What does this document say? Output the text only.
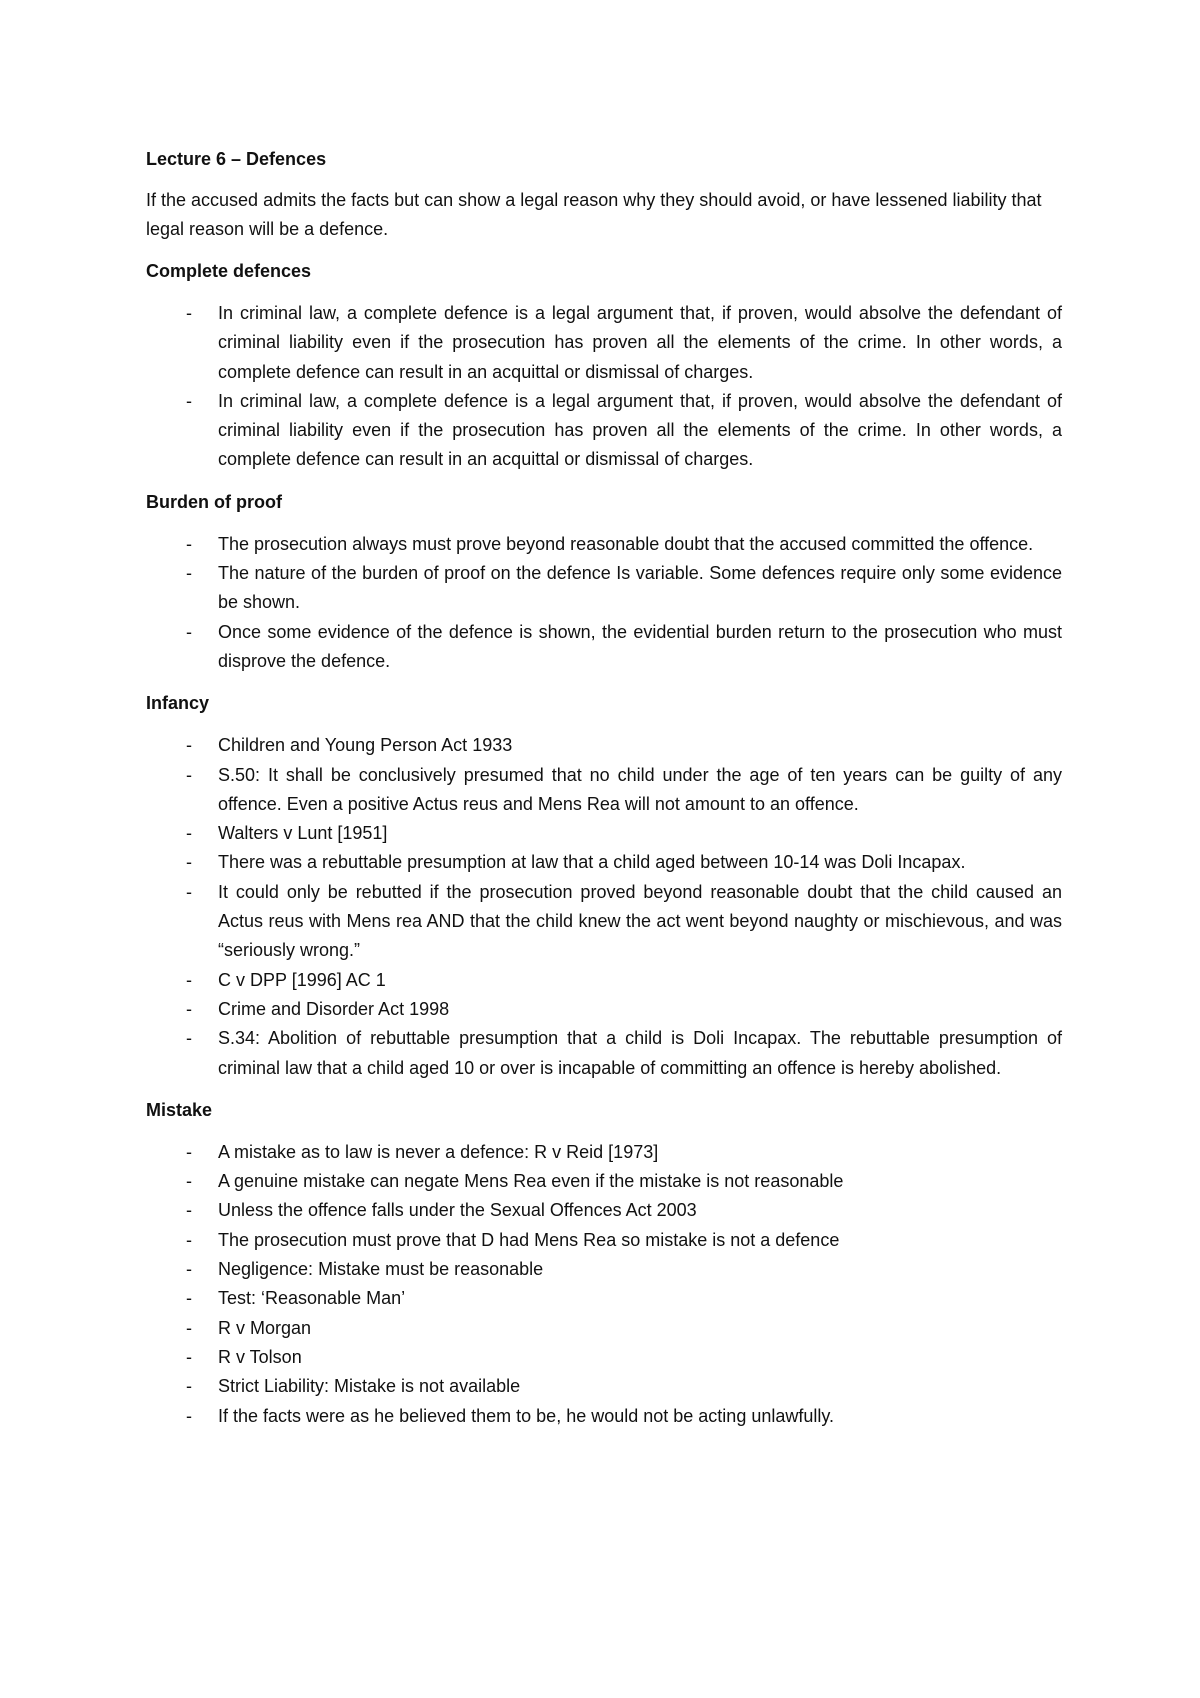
Lecture 6 – Defences

If the accused admits the facts but can show a legal reason why they should avoid, or have lessened liability that legal reason will be a defence.

Complete defences
- In criminal law, a complete defence is a legal argument that, if proven, would absolve the defendant of criminal liability even if the prosecution has proven all the elements of the crime. In other words, a complete defence can result in an acquittal or dismissal of charges.
- In criminal law, a complete defence is a legal argument that, if proven, would absolve the defendant of criminal liability even if the prosecution has proven all the elements of the crime. In other words, a complete defence can result in an acquittal or dismissal of charges.
Burden of proof
- The prosecution always must prove beyond reasonable doubt that the accused committed the offence.
- The nature of the burden of proof on the defence Is variable. Some defences require only some evidence be shown.
- Once some evidence of the defence is shown, the evidential burden return to the prosecution who must disprove the defence.
Infancy
- Children and Young Person Act 1933
- S.50: It shall be conclusively presumed that no child under the age of ten years can be guilty of any offence. Even a positive Actus reus and Mens Rea will not amount to an offence.
- Walters v Lunt [1951]
- There was a rebuttable presumption at law that a child aged between 10-14 was Doli Incapax.
- It could only be rebutted if the prosecution proved beyond reasonable doubt that the child caused an Actus reus with Mens rea AND that the child knew the act went beyond naughty or mischievous, and was “seriously wrong.”
- C v DPP [1996] AC 1
- Crime and Disorder Act 1998
- S.34: Abolition of rebuttable presumption that a child is Doli Incapax. The rebuttable presumption of criminal law that a child aged 10 or over is incapable of committing an offence is hereby abolished.
Mistake
- A mistake as to law is never a defence: R v Reid [1973]
- A genuine mistake can negate Mens Rea even if the mistake is not reasonable
- Unless the offence falls under the Sexual Offences Act 2003
- The prosecution must prove that D had Mens Rea so mistake is not a defence
- Negligence: Mistake must be reasonable
- Test: ‘Reasonable Man’
- R v Morgan
- R v Tolson
- Strict Liability: Mistake is not available
- If the facts were as he believed them to be, he would not be acting unlawfully.
